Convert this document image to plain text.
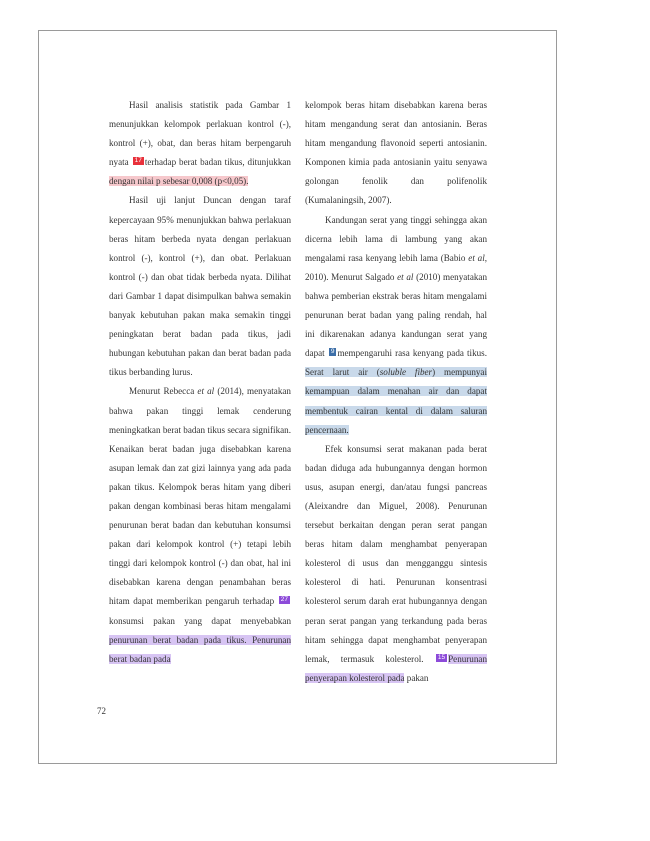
Hasil analisis statistik pada Gambar 1 menunjukkan kelompok perlakuan kontrol (-), kontrol (+), obat, dan beras hitam berpengaruh nyata 17 terhadap berat badan tikus, ditunjukkan dengan nilai p sebesar 0,008 (p<0,05).

Hasil uji lanjut Duncan dengan taraf kepercayaan 95% menunjukkan bahwa perlakuan beras hitam berbeda nyata dengan perlakuan kontrol (-), kontrol (+), dan obat. Perlakuan kontrol (-) dan obat tidak berbeda nyata. Dilihat dari Gambar 1 dapat disimpulkan bahwa semakin banyak kebutuhan pakan maka semakin tinggi peningkatan berat badan pada tikus, jadi hubungan kebutuhan pakan dan berat badan pada tikus berbanding lurus.

Menurut Rebecca et al (2014), menyatakan bahwa pakan tinggi lemak cenderung meningkatkan berat badan tikus secara signifikan. Kenaikan berat badan juga disebabkan karena asupan lemak dan zat gizi lainnya yang ada pada pakan tikus. Kelompok beras hitam yang diberi pakan dengan kombinasi beras hitam mengalami penurunan berat badan dan kebutuhan konsumsi pakan dari kelompok kontrol (+) tetapi lebih tinggi dari kelompok kontrol (-) dan obat, hal ini disebabkan karena dengan penambahan beras hitam dapat memberikan pengaruh terhadap 27konsumsi pakan yang dapat menyebabkan penurunan berat badan pada tikus. Penurunan berat badan pada

kelompok beras hitam disebabkan karena beras hitam mengandung serat dan antosianin. Beras hitam mengandung flavonoid seperti antosianin. Komponen kimia pada antosianin yaitu senyawa golongan fenolik dan polifenolik (Kumalaningsih, 2007).

Kandungan serat yang tinggi sehingga akan dicerna lebih lama di lambung yang akan mengalami rasa kenyang lebih lama (Babio et al, 2010). Menurut Salgado et al (2010) menyatakan bahwa pemberian ekstrak beras hitam mengalami penurunan berat badan yang paling rendah, hal ini dikarenakan adanya kandungan serat yang dapat 9 mempengaruhi rasa kenyang pada tikus. Serat larut air (soluble fiber) mempunyai kemampuan dalam menahan air dan dapat membentuk cairan kental di dalam saluran pencernaan.

Efek konsumsi serat makanan pada berat badan diduga ada hubungannya dengan hormon usus, asupan energi, dan/atau fungsi pancreas (Aleixandre dan Miguel, 2008). Penurunan tersebut berkaitan dengan peran serat pangan beras hitam dalam menghambat penyerapan kolesterol di usus dan mengganggu sintesis kolesterol di hati. Penurunan konsentrasi kolesterol serum darah erat hubungannya dengan peran serat pangan yang terkandung pada beras hitam sehingga dapat menghambat penyerapan lemak, termasuk kolesterol. 15 Penurunan penyerapan kolesterol pada pakan

72
